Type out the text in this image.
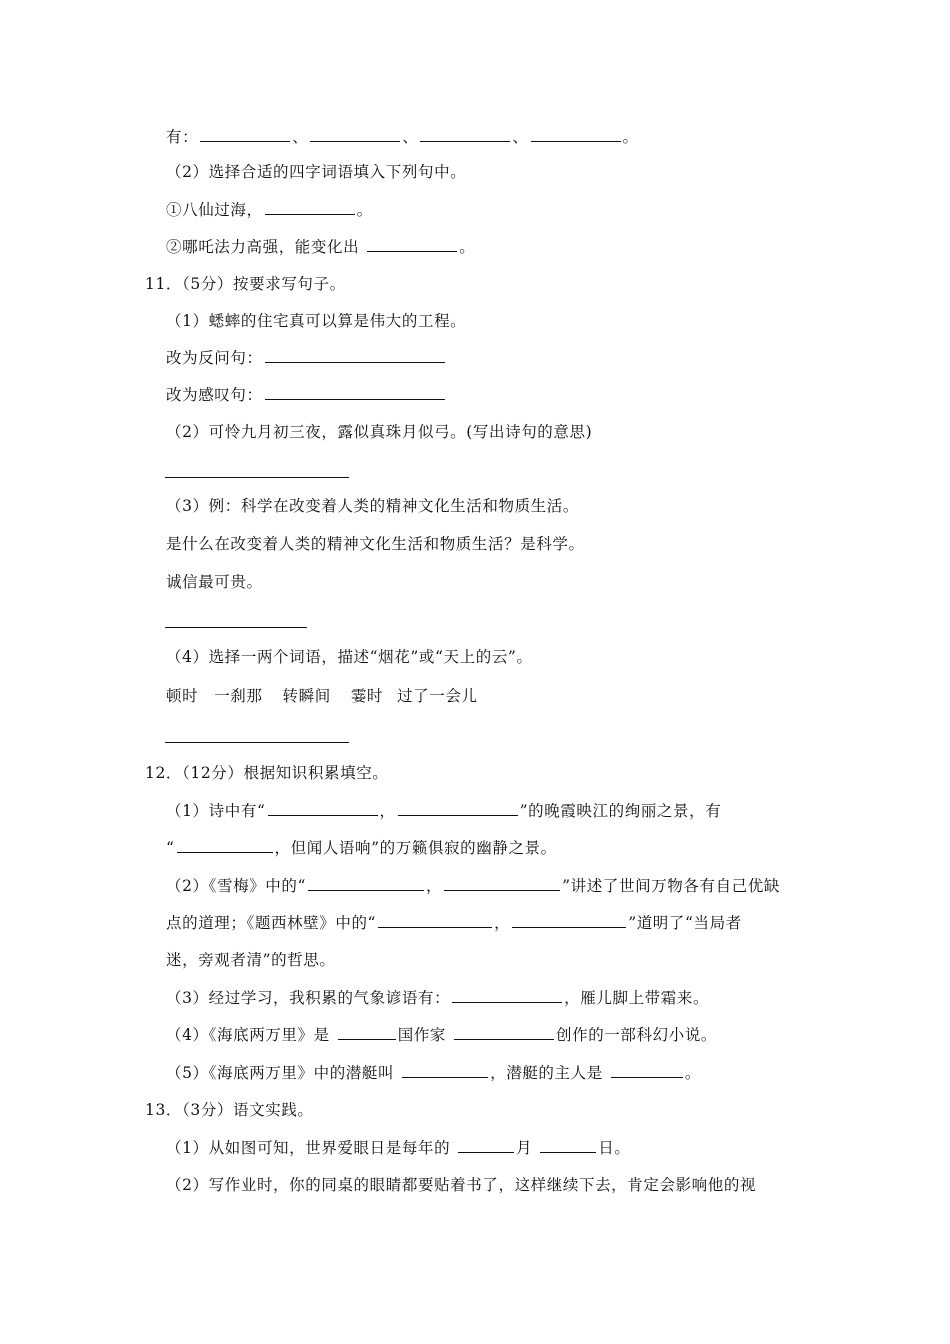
有：	、	、	、	。
（2）选择合适的四字词语填入下列句中。
①八仙过海，	。
②哪吒法力高强，能变化出	。
11．（5分）按要求写句子。
（1）蟋蟀的住宅真可以算是伟大的工程。
改为反问句：
改为感叹句：
（2）可怜九月初三夜，露似真珠月似弓。(写出诗句的意思)
（3）例：科学在改变着人类的精神文化生活和物质生活。
是什么在改变着人类的精神文化生活和物质生活？是科学。
诚信最可贵。
（4）选择一两个词语，描述“烟花”或“天上的云”。
顿时 一刹那 转瞬间 霎时 过了一会儿
12．（12分）根据知识积累填空。
（1）诗中有“	，	”的晚霞映江的绚丽之景，有
“	，但闻人语响”的万籁俱寂的幽静之景。
（2）《雪梅》中的“	，	”讲述了世间万物各有自己优缺
点的道理；《题西林壁》中的“	，	”道明了“当局者
迷，旁观者清”的哲思。
（3）经过学习，我积累的气象谚语有：	，雁儿脚上带霜来。
（4）《海底两万里》是	国作家	创作的一部科幻小说。
（5）《海底两万里》中的潜艇叫	，潜艇的主人是	。
13．（3分）语文实践。
（1）从如图可知，世界爱眼日是每年的	月	日。
（2）写作业时，你的同桌的眼睛都要贴着书了，这样继续下去，肯定会影响他的视
